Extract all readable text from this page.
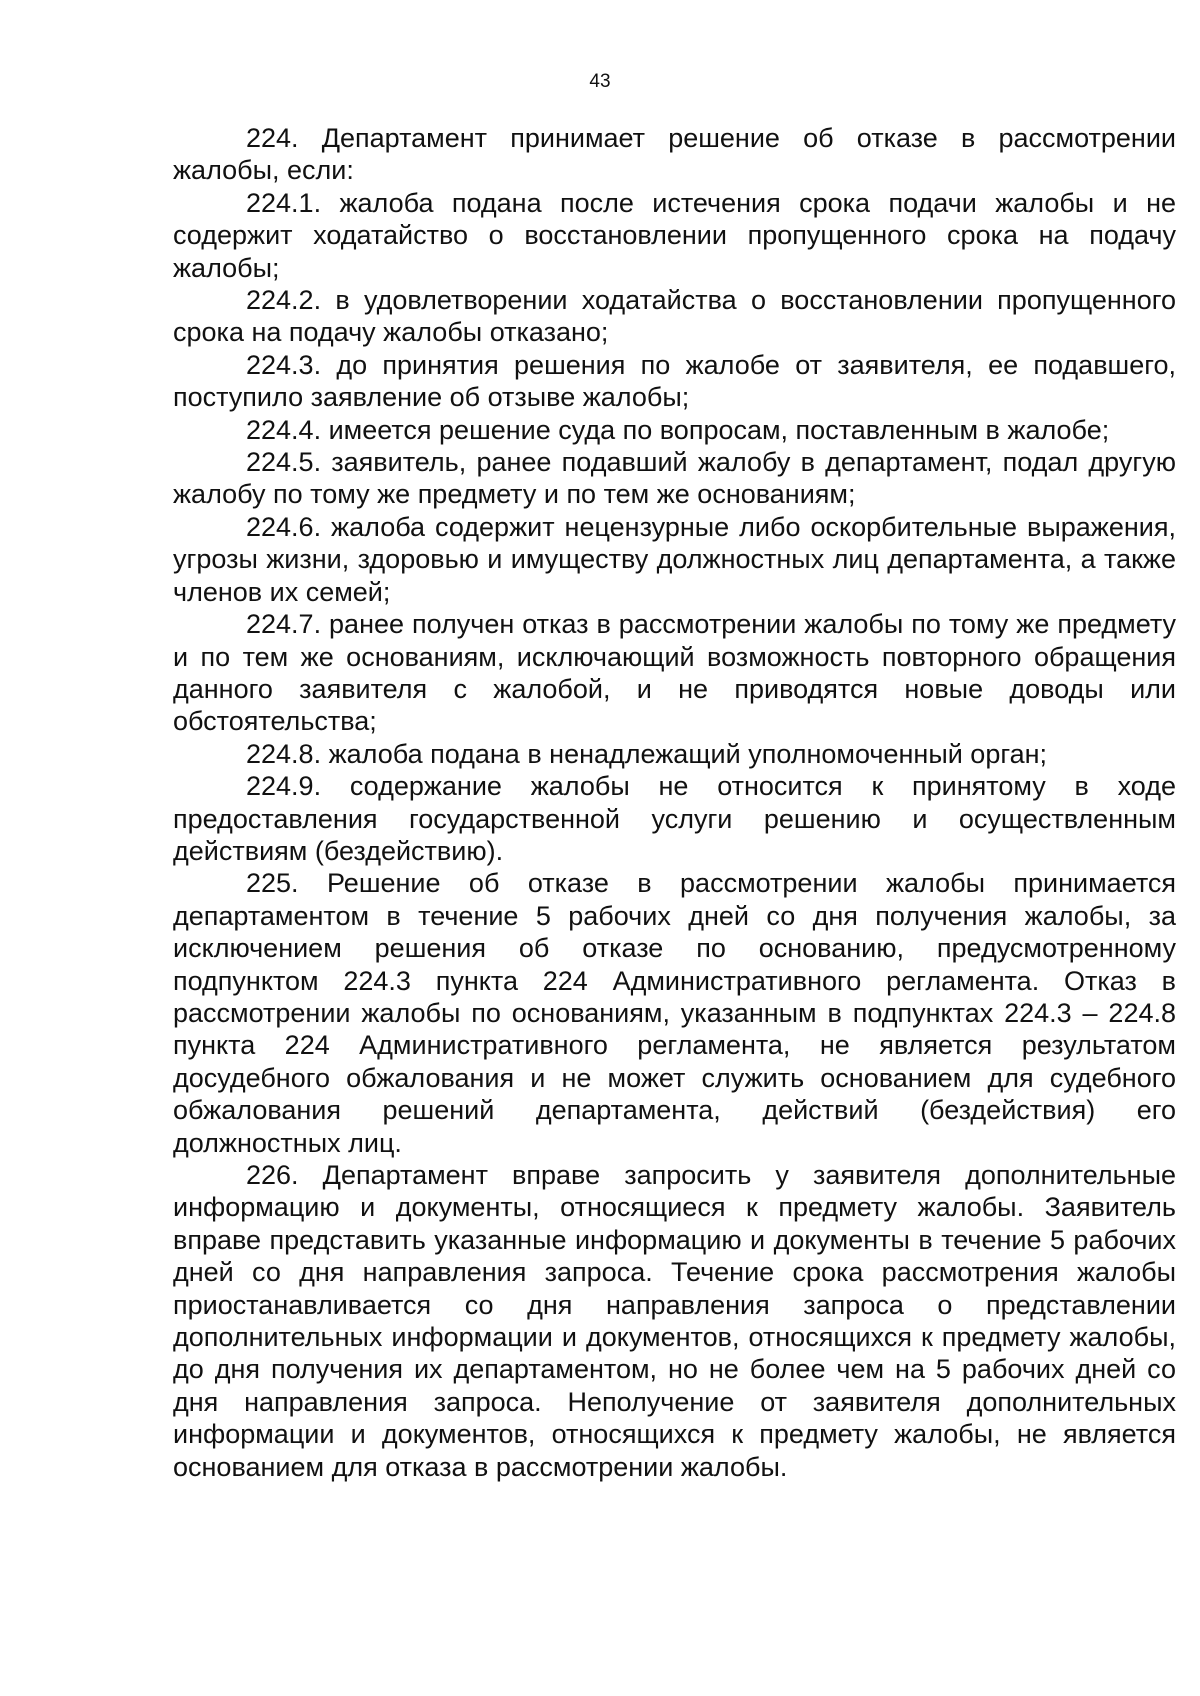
43

224. Департамент принимает решение об отказе в рассмотрении жалобы, если:

224.1. жалоба подана после истечения срока подачи жалобы и не содержит ходатайство о восстановлении пропущенного срока на подачу жалобы;

224.2. в удовлетворении ходатайства о восстановлении пропущенного срока на подачу жалобы отказано;

224.3. до принятия решения по жалобе от заявителя, ее подавшего, поступило заявление об отзыве жалобы;

224.4. имеется решение суда по вопросам, поставленным в жалобе;

224.5. заявитель, ранее подавший жалобу в департамент, подал другую жалобу по тому же предмету и по тем же основаниям;

224.6. жалоба содержит нецензурные либо оскорбительные выражения, угрозы жизни, здоровью и имуществу должностных лиц департамента, а также членов их семей;

224.7. ранее получен отказ в рассмотрении жалобы по тому же предмету и по тем же основаниям, исключающий возможность повторного обращения данного заявителя с жалобой, и не приводятся новые доводы или обстоятельства;

224.8. жалоба подана в ненадлежащий уполномоченный орган;

224.9. содержание жалобы не относится к принятому в ходе предоставления государственной услуги решению и осуществленным действиям (бездействию).

225. Решение об отказе в рассмотрении жалобы принимается департаментом в течение 5 рабочих дней со дня получения жалобы, за исключением решения об отказе по основанию, предусмотренному подпунктом 224.3 пункта 224 Административного регламента. Отказ в рассмотрении жалобы по основаниям, указанным в подпунктах 224.3 – 224.8 пункта 224 Административного регламента, не является результатом досудебного обжалования и не может служить основанием для судебного обжалования решений департамента, действий (бездействия) его должностных лиц.

226. Департамент вправе запросить у заявителя дополнительные информацию и документы, относящиеся к предмету жалобы. Заявитель вправе представить указанные информацию и документы в течение 5 рабочих дней со дня направления запроса. Течение срока рассмотрения жалобы приостанавливается со дня направления запроса о представлении дополнительных информации и документов, относящихся к предмету жалобы, до дня получения их департаментом, но не более чем на 5 рабочих дней со дня направления запроса. Неполучение от заявителя дополнительных информации и документов, относящихся к предмету жалобы, не является основанием для отказа в рассмотрении жалобы.
